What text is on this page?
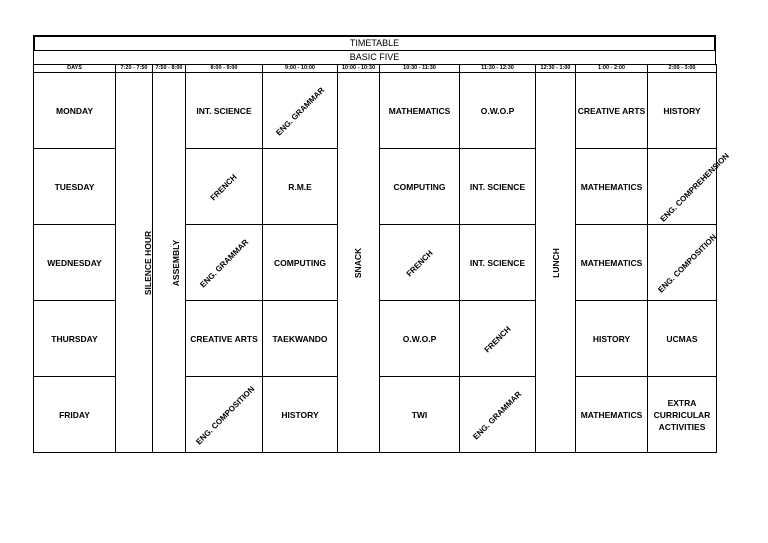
TIMETABLE
BASIC FIVE
DAYS	7:20 - 7:50	7:50 - 8:00	8:00 - 9:00	9:00 - 10:00	10:00 - 10:30	10:30 - 11:30	11:30 - 12:30	12:30 - 1:00	1:00 - 2:00	2:00 - 3:00
MONDAY	SILENCE HOUR	ASSEMBLY	INT. SCIENCE	ENG. GRAMMAR	SNACK	MATHEMATICS	O.W.O.P	LUNCH	CREATIVE ARTS	HISTORY
TUESDAY			FRENCH	R.M.E		COMPUTING	INT. SCIENCE		MATHEMATICS	ENG. COMPREHENSION
WEDNESDAY			ENG. GRAMMAR	COMPUTING		FRENCH	INT. SCIENCE		MATHEMATICS	ENG. COMPOSITION
THURSDAY			CREATIVE ARTS	TAEKWANDO		O.W.O.P	FRENCH		HISTORY	UCMAS
FRIDAY			ENG. COMPOSITION	HISTORY		TWI	ENG. GRAMMAR		MATHEMATICS	EXTRA CURRICULAR ACTIVITIES
